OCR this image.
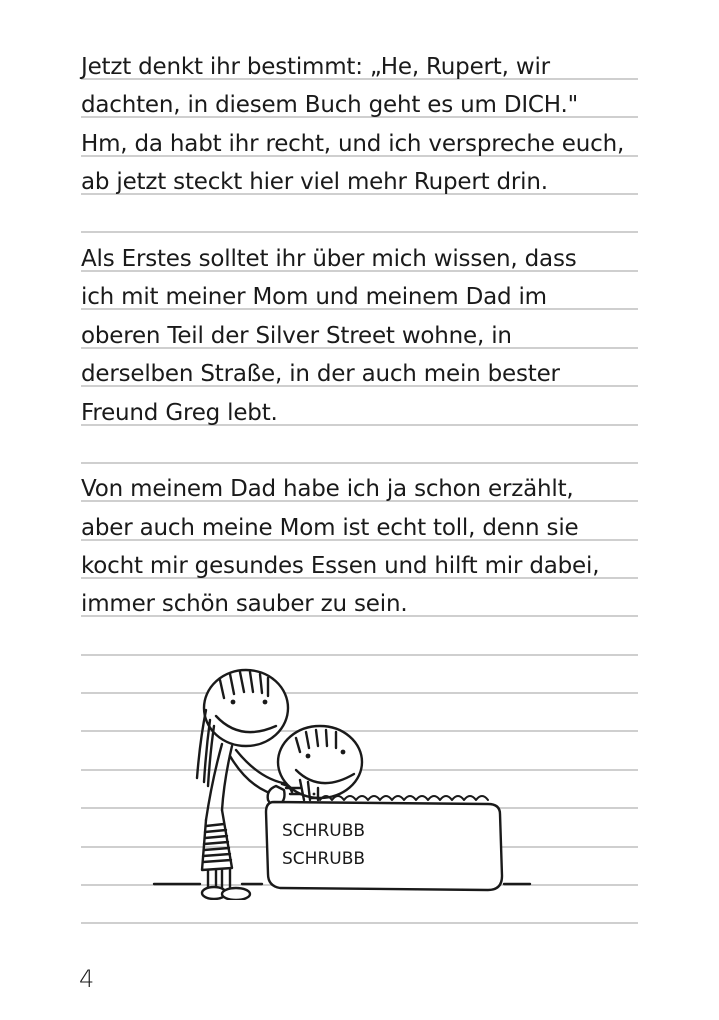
Jetzt denkt ihr bestimmt: „He, Rupert, wir
dachten, in diesem Buch geht es um DICH."
Hm, da habt ihr recht, und ich verspreche euch,
ab jetzt steckt hier viel mehr Rupert drin.
Als Erstes solltet ihr über mich wissen, dass
ich mit meiner Mom und meinem Dad im
oberen Teil der Silver Street wohne, in
derselben Straße, in der auch mein bester
Freund Greg lebt.
Von meinem Dad habe ich ja schon erzählt,
aber auch meine Mom ist echt toll, denn sie
kocht mir gesundes Essen und hilft mir dabei,
immer schön sauber zu sein.
SCHRUBB
SCHRUBB
4
